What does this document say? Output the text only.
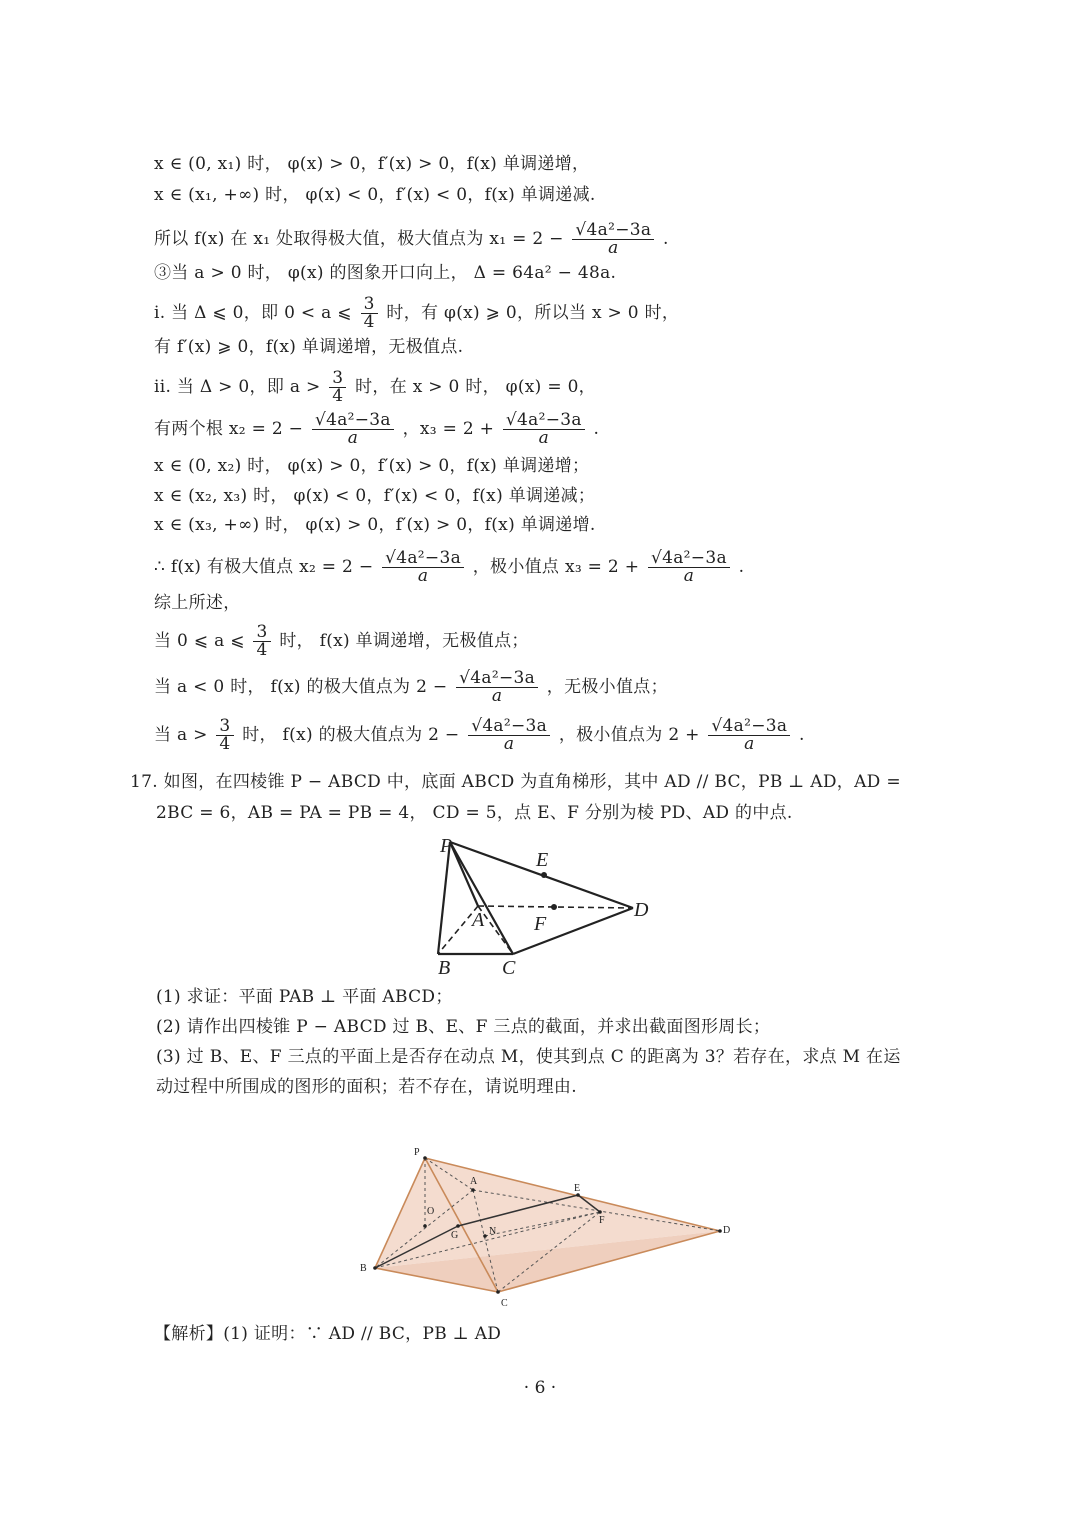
x ∈ (0, x₁) 时， φ(x) > 0，f′(x) > 0，f(x) 单调递增，
x ∈ (x₁, +∞) 时， φ(x) < 0，f′(x) < 0，f(x) 单调递减.
所以 f(x) 在 x₁ 处取得极大值，极大值点为 $x_1 = 2 - \frac{\text{√4a²−3a}}{a}$ .
③当 a > 0 时， φ(x) 的图象开口向上， Δ = 64a² − 48a.
i. 当 Δ ⩽ 0，即 0 < a ⩽ $\frac{3}{4}$ 时，有 φ(x) ⩾ 0，所以当 x > 0 时，
有 f′(x) ⩾ 0，f(x) 单调递增，无极值点.
ii. 当 Δ > 0，即 $a > \frac{3}{4}$ 时，在 x > 0 时， φ(x) = 0，
有两个根 $x_2 = 2 - \frac{\text{√4a²−3a}}{a}$ ，$x_3 = 2 + \frac{\text{√4a²−3a}}{a}$ .
x ∈ (0, x₂) 时， φ(x) > 0，f′(x) > 0，f(x) 单调递增；
x ∈ (x₂, x₃) 时， φ(x) < 0，f′(x) < 0，f(x) 单调递减；
x ∈ (x₃, +∞) 时， φ(x) > 0，f′(x) > 0，f(x) 单调递增.
∴ f(x) 有极大值点 $x_2 = 2 - \frac{\text{√4a²−3a}}{a}$ ，极小值点 $x_3 = 2 + \frac{\text{√4a²−3a}}{a}$ .
综上所述，
当 0 ⩽ a ⩽ $\frac{3}{4}$ 时， f(x) 单调递增，无极值点；
当 a < 0 时， f(x) 的极大值点为 $2 - \frac{\text{√4a²−3a}}{a}$ ，无极小值点；
当 $a > \frac{3}{4}$ 时， f(x) 的极大值点为 $2 - \frac{\text{√4a²−3a}}{a}$ ，极小值点为 $2 + \frac{\text{√4a²−3a}}{a}$ .
17. 如图，在四棱锥 P − ABCD 中，底面 ABCD 为直角梯形，其中 AD // BC，PB ⊥ AD，AD =
2BC = 6，AB = PA = PB = 4， CD = 5，点 E、F 分别为棱 PD、AD 的中点.
P
E
A F
D
B	C
(1) 求证：平面 PAB ⊥ 平面 ABCD；
(2) 请作出四棱锥 P − ABCD 过 B、E、F 三点的截面，并求出截面图形周长；
(3) 过 B、E、F 三点的平面上是否存在动点 M，使其到点 C 的距离为 3？若存在，求点 M 在运
动过程中所围成的图形的面积；若不存在，请说明理由.
P
A
E
O
F
N
G	D
B
C
【解析】(1) 证明：∵ AD // BC，PB ⊥ AD
· 6 ·
